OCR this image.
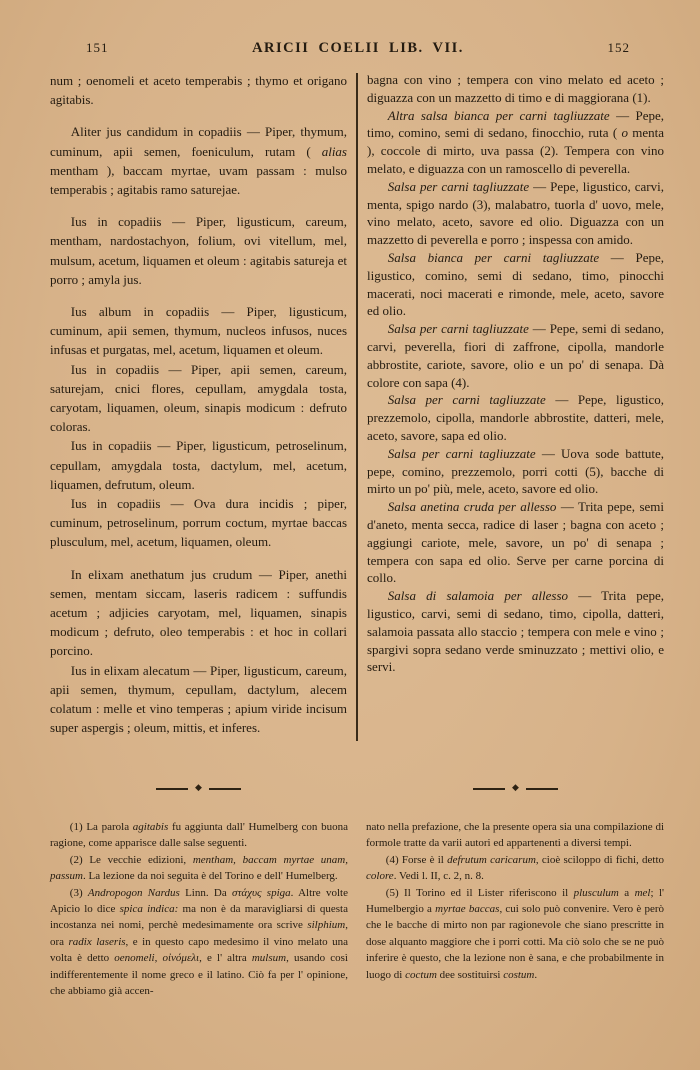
151	ARICII COELII LIB. VII.	152

num ; oenomeli et aceto temperabis ; thymo et origano agitabis.

Aliter jus candidum in copadiis — Piper, thymum, cuminum, apii semen, foeniculum, rutam ( alias mentham ), baccam myrtae, uvam passam : mulso temperabis ; agitabis ramo saturejae.

Ius in copadiis — Piper, ligusticum, careum, mentham, nardostachyon, folium, ovi vitellum, mel, mulsum, acetum, liquamen et oleum : agitabis satureja et porro ; amyla jus.

Ius album in copadiis — Piper, ligusticum, cuminum, apii semen, thymum, nucleos infusos, nuces infusas et purgatas, mel, acetum, liquamen et oleum.

Ius in copadiis — Piper, apii semen, careum, saturejam, cnici flores, cepullam, amygdala tosta, caryotam, liquamen, oleum, sinapis modicum : defruto coloras.

Ius in copadiis — Piper, ligusticum, petroselinum, cepullam, amygdala tosta, dactylum, mel, acetum, liquamen, defrutum, oleum.

Ius in copadiis — Ova dura incidis ; piper, cuminum, petroselinum, porrum coctum, myrtae baccas plusculum, mel, acetum, liquamen, oleum.

In elixam anethatum jus crudum — Piper, anethi semen, mentam siccam, laseris radicem : suffundis acetum ; adjicies caryotam, mel, liquamen, sinapis modicum ; defruto, oleo temperabis : et hoc in collari porcino.

Ius in elixam alecatum — Piper, ligusticum, careum, apii semen, thymum, cepullam, dactylum, alecem colatum : melle et vino temperas ; apium viride incisum super aspergis ; oleum, mittis, et inferes.

◆

bagna con vino ; tempera con vino melato ed aceto ; diguazza con un mazzetto di timo e di maggiorana (1).

Altra salsa bianca per carni tagliuzzate — Pepe, timo, comino, semi di sedano, finocchio, ruta ( o menta ), coccole di mirto, uva passa (2). Tempera con vino melato, e diguazza con un ramoscello di peverella.

Salsa per carni tagliuzzate — Pepe, ligustico, carvi, menta, spigo nardo (3), malabatro, tuorla d' uovo, mele, vino melato, aceto, savore ed olio. Diguazza con un mazzetto di peverella e porro ; inspessa con amido.

Salsa bianca per carni tagliuzzate — Pepe, ligustico, comino, semi di sedano, timo, pinocchi macerati, noci macerati e rimonde, mele, aceto, savore ed olio.

Salsa per carni tagliuzzate — Pepe, semi di sedano, carvi, peverella, fiori di zaffrone, cipolla, mandorle abbrostite, cariote, savore, olio e un po' di senapa. Dà colore con sapa (4).

Salsa per carni tagliuzzate — Pepe, ligustico, prezzemolo, cipolla, mandorle abbrostite, datteri, mele, aceto, savore, sapa ed olio.

Salsa per carni tagliuzzate — Uova sode battute, pepe, comino, prezzemolo, porri cotti (5), bacche di mirto un po' più, mele, aceto, savore ed olio.

Salsa anetina cruda per allesso — Trita pepe, semi d'aneto, menta secca, radice di laser ; bagna con aceto ; aggiungi cariote, mele, savore, un po' di senapa ; tempera con sapa ed olio. Serve per carne porcina di collo.

Salsa di salamoia per allesso — Trita pepe, ligustico, carvi, semi di sedano, timo, cipolla, datteri, salamoia passata allo staccio ; tempera con mele e vino ; spargivi sopra sedano verde sminuzzato ; mettivi olio, e servi.

◆

(1) La parola agitabis fu aggiunta dall' Humelberg con buona ragione, come apparisce dalle salse seguenti.

(2) Le vecchie edizioni, mentham, baccam myrtae unam, passum. La lezione da noi seguita è del Torino e dell' Humelberg.

(3) Andropogon Nardus Linn. Da στάχυς spiga. Altre volte Apicio lo dice spica indica: ma non è da maravigliarsi di questa incostanza nei nomi, perchè medesimamente ora scrive silphium, ora radix laseris, e in questo capo medesimo il vino melato una volta è detto oenomeli, οἰνόμελι, e l' altra mulsum, usando così indifferentemente il nome greco e il latino. Ciò fa per l' opinione, che abbiamo già accen-

nato nella prefazione, che la presente opera sia una compilazione di formole tratte da varii autori ed appartenenti a diversi tempi.

(4) Forse è il defrutum caricarum, cioè sciloppo di fichi, detto colore. Vedi l. II, c. 2, n. 8.

(5) Il Torino ed il Lister riferiscono il plusculum a mel; l' Humelbergio a myrtae baccas, cui solo può convenire. Vero è però che le bacche di mirto non par ragionevole che siano prescritte in dose alquanto maggiore che i porri cotti. Ma ciò solo che se ne può inferire è questo, che la lezione non è sana, e che probabilmente in luogo di coctum dee sostituirsi costum.
